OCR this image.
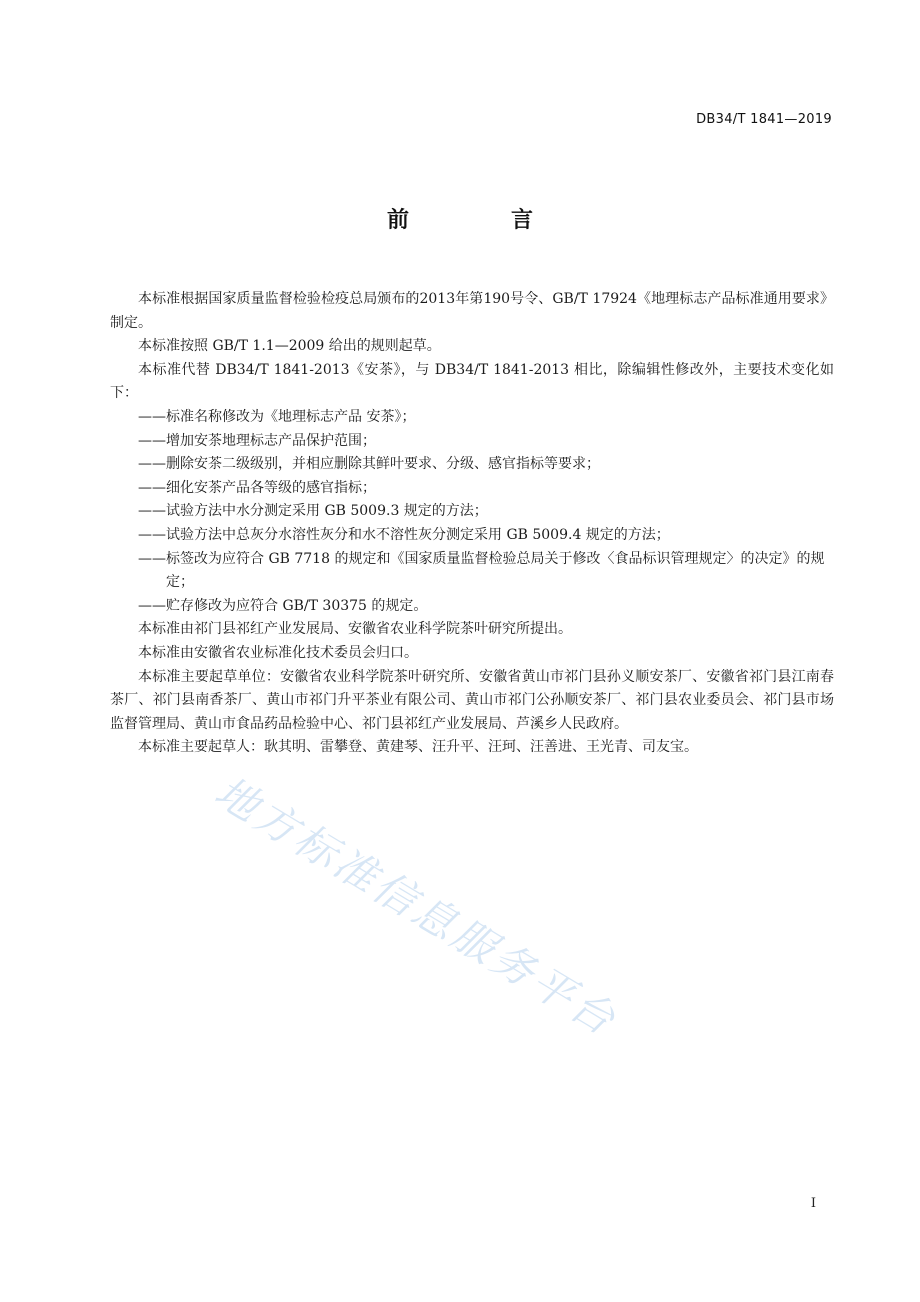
DB34/T 1841—2019
前　言

本标准根据国家质量监督检验检疫总局颁布的2013年第190号令、GB/T 17924《地理标志产品标准通用要求》制定。

本标准按照 GB/T 1.1—2009 给出的规则起草。

本标准代替 DB34/T 1841-2013《安茶》，与 DB34/T 1841-2013 相比，除编辑性修改外，主要技术变化如下：

——标准名称修改为《地理标志产品 安茶》；

——增加安茶地理标志产品保护范围；

——删除安茶二级级别，并相应删除其鲜叶要求、分级、感官指标等要求；

——细化安茶产品各等级的感官指标；

——试验方法中水分测定采用 GB 5009.3 规定的方法；

——试验方法中总灰分水溶性灰分和水不溶性灰分测定采用 GB 5009.4 规定的方法；

——标签改为应符合 GB 7718 的规定和《国家质量监督检验总局关于修改〈食品标识管理规定〉的决定》的规定；

——贮存修改为应符合 GB/T 30375 的规定。

本标准由祁门县祁红产业发展局、安徽省农业科学院茶叶研究所提出。

本标准由安徽省农业标准化技术委员会归口。

本标准主要起草单位：安徽省农业科学院茶叶研究所、安徽省黄山市祁门县孙义顺安茶厂、安徽省祁门县江南春茶厂、祁门县南香茶厂、黄山市祁门升平茶业有限公司、黄山市祁门公孙顺安茶厂、祁门县农业委员会、祁门县市场监督管理局、黄山市食品药品检验中心、祁门县祁红产业发展局、芦溪乡人民政府。

本标准主要起草人：耿其明、雷攀登、黄建琴、汪升平、汪珂、汪善进、王光青、司友宝。

地方标准信息服务平台
I
